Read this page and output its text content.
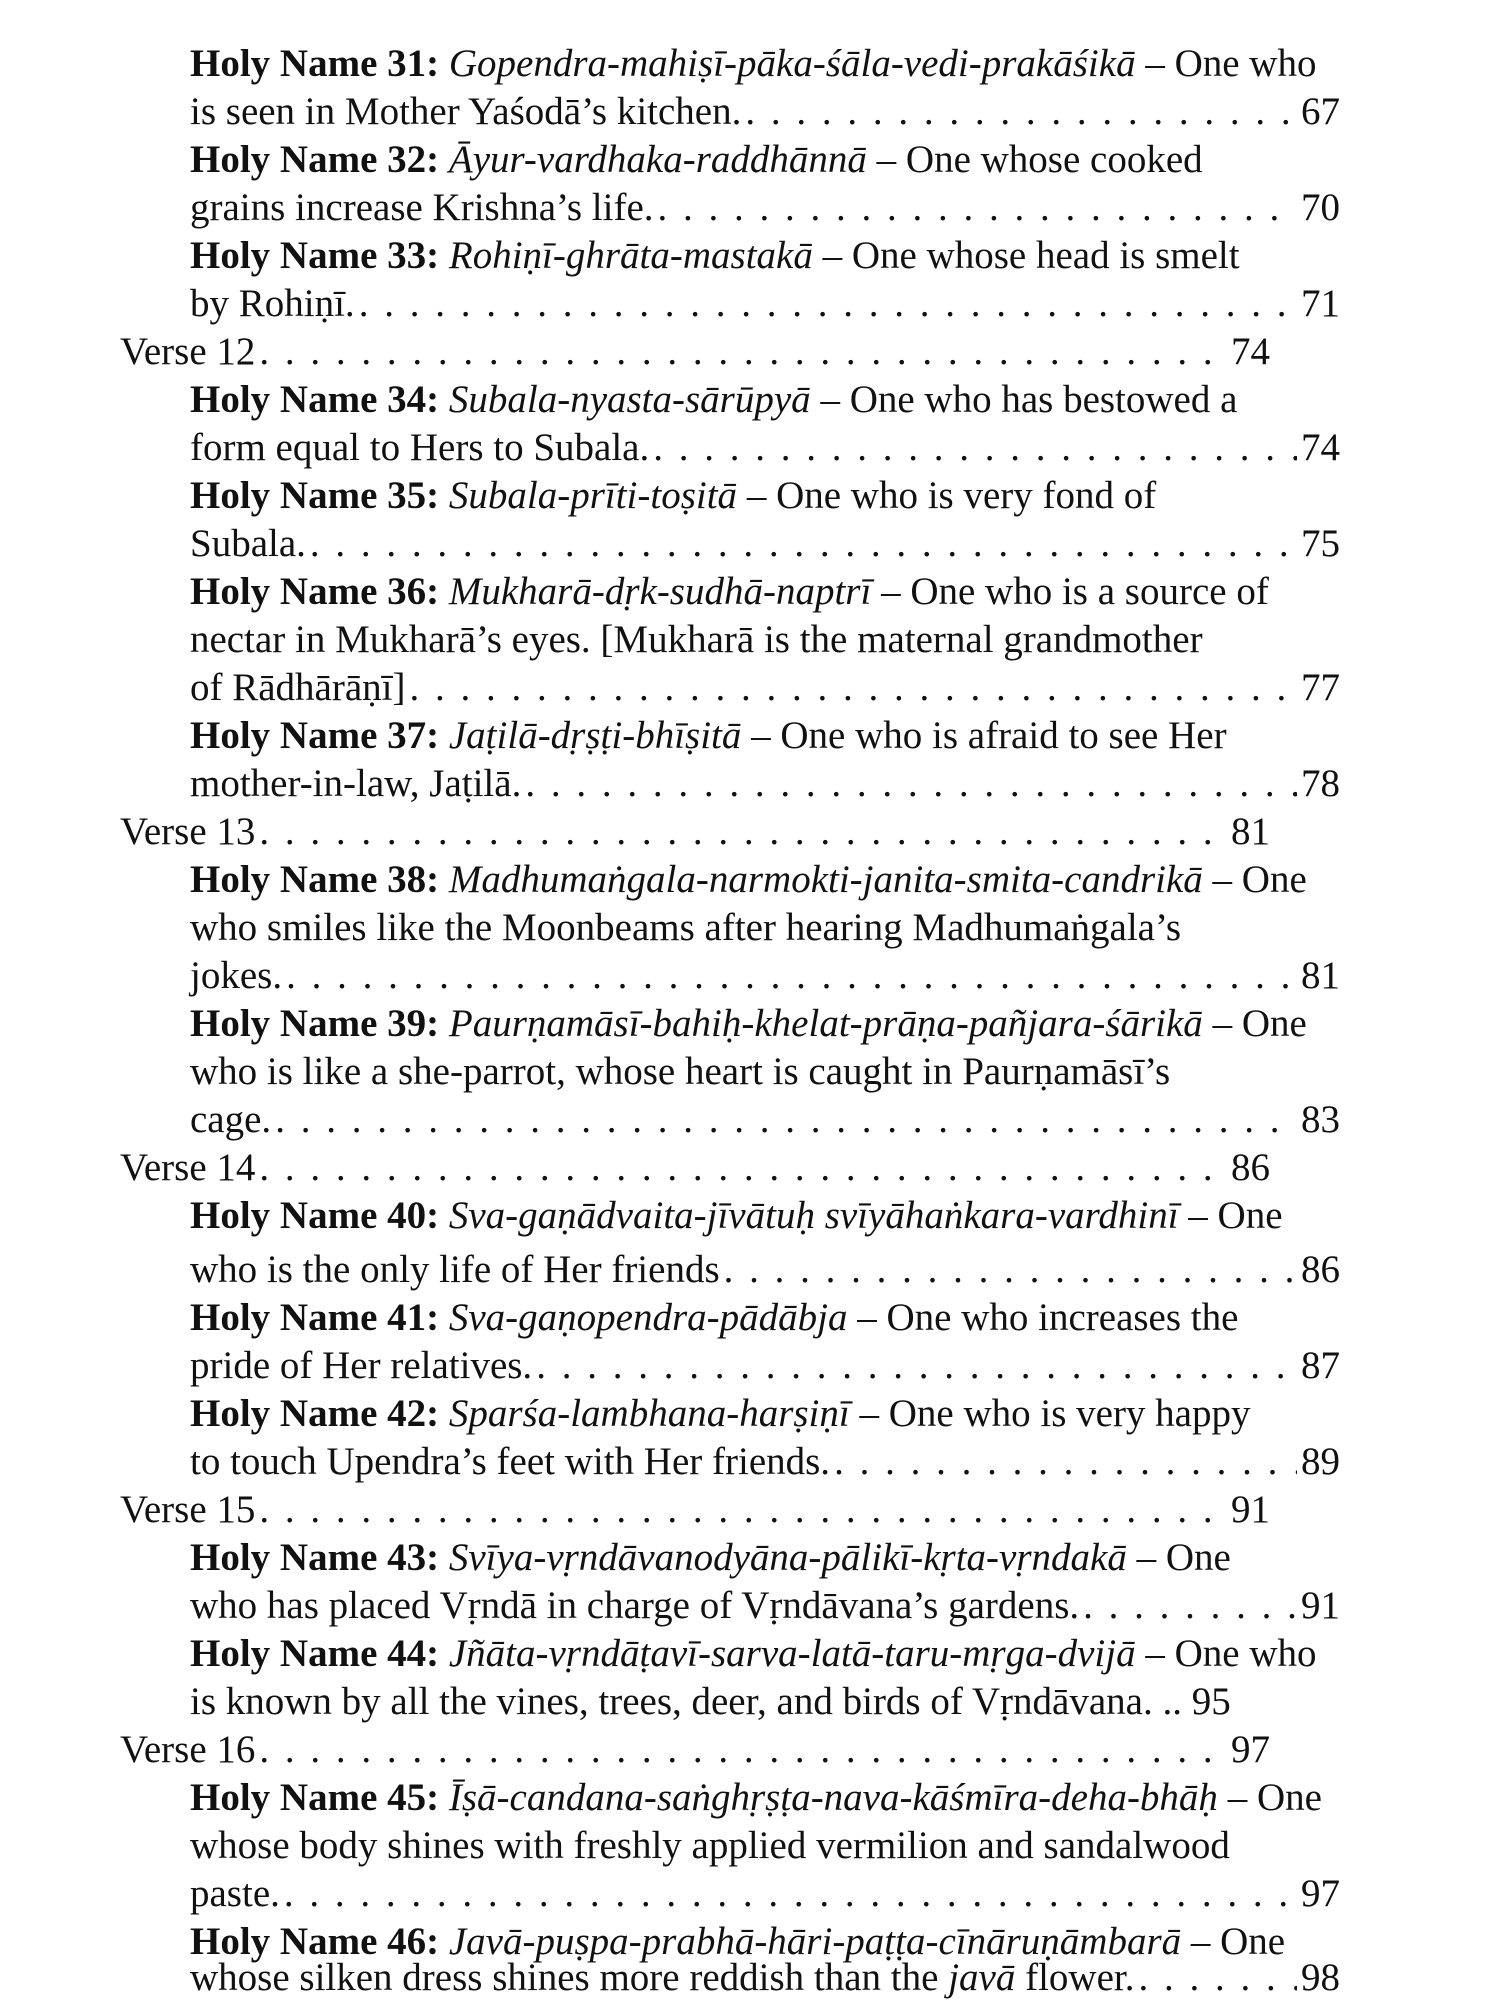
Holy Name 31: Gopendra-mahiṣī-pāka-śāla-vedi-prakāśikā – One who
is seen in Mother Yaśodā’s kitchen. . . .	67
Holy Name 32: Āyur-vardhaka-raddhānnā – One whose cooked
grains increase Krishna’s life. . . .	70
Holy Name 33: Rohiṇī-ghrāta-mastakā – One whose head is smelt
by Rohiṇī. . . .	71
Verse 12 . . .	74
Holy Name 34: Subala-nyasta-sārūpyā – One who has bestowed a
form equal to Hers to Subala. . . .	74
Holy Name 35: Subala-prīti-toṣitā – One who is very fond of
Subala. . . .	75
Holy Name 36: Mukharā-dṛk-sudhā-naptrī – One who is a source of
nectar in Mukharā’s eyes. [Mukharā is the maternal grandmother
of Rādhārāṇī] . . .	77
Holy Name 37: Jaṭilā-dṛṣṭi-bhīṣitā – One who is afraid to see Her
mother-in-law, Jaṭilā. . . .	78
Verse 13 . . .	81
Holy Name 38: Madhumaṅgala-narmokti-janita-smita-candrikā – One
who smiles like the Moonbeams after hearing Madhumaṅgala’s
jokes. . . .	81
Holy Name 39: Paurṇamāsī-bahiḥ-khelat-prāṇa-pañjara-śārikā – One
who is like a she-parrot, whose heart is caught in Paurṇamāsī’s
cage. . . .	83
Verse 14 . . .	86
Holy Name 40: Sva-gaṇādvaita-jīvātuḥ svīyāhaṅkara-vardhinī – One
who is the only life of Her friends . . .	86
Holy Name 41: Sva-gaṇopendra-pādābja – One who increases the
pride of Her relatives. . . .	87
Holy Name 42: Sparśa-lambhana-harṣiṇī – One who is very happy
to touch Upendra’s feet with Her friends. . . .	89
Verse 15 . . .	91
Holy Name 43: Svīya-vṛndāvanodyāna-pālikī-kṛta-vṛndakā – One
who has placed Vṛndā in charge of Vṛndāvana’s gardens. . . .	91
Holy Name 44: Jñāta-vṛndāṭavī-sarva-latā-taru-mṛga-dvijā – One who
is known by all the vines, trees, deer, and birds of Vṛndāvana. .. 95
Verse 16 . . .	97
Holy Name 45: Īṣā-candana-saṅghṛṣṭa-nava-kāśmīra-deha-bhāḥ – One
whose body shines with freshly applied vermilion and sandalwood
paste. . . .	97
Holy Name 46: Javā-puṣpa-prabhā-hāri-paṭṭa-cīnāruṇāmbarā – One
whose silken dress shines more reddish than the javā flower. . . .	98
